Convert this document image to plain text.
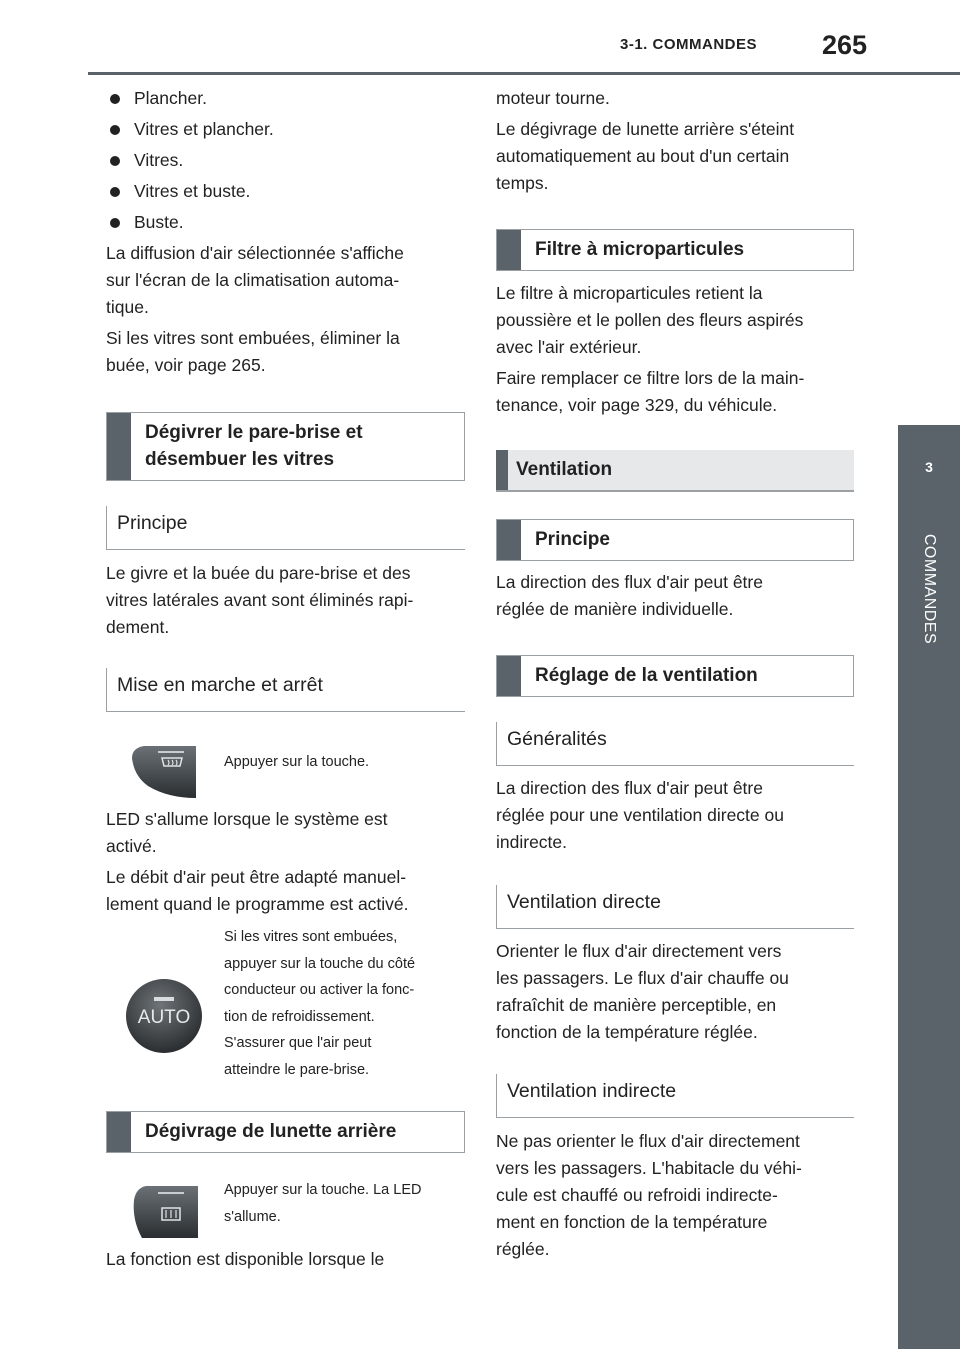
3-1. COMMANDES 265
3
COMMANDES
Plancher.
Vitres et plancher.
Vitres.
Vitres et buste.
Buste.
La diffusion d'air sélectionnée s'affiche
sur l'écran de la climatisation automa-
tique.
Si les vitres sont embuées, éliminer la
buée, voir page 265.
Dégivrer le pare-brise et
désembuer les vitres
Principe
Le givre et la buée du pare-brise et des
vitres latérales avant sont éliminés rapi-
dement.
Mise en marche et arrêt
Appuyer sur la touche.
LED s'allume lorsque le système est
activé.
Le débit d'air peut être adapté manuel-
lement quand le programme est activé.
AUTO
Si les vitres sont embuées,
appuyer sur la touche du côté
conducteur ou activer la fonc-
tion de refroidissement.
S'assurer que l'air peut
atteindre le pare-brise.
Dégivrage de lunette arrière
Appuyer sur la touche. La LED
s'allume.
La fonction est disponible lorsque le
moteur tourne.
Le dégivrage de lunette arrière s'éteint
automatiquement au bout d'un certain
temps.
Filtre à microparticules
Le filtre à microparticules retient la
poussière et le pollen des fleurs aspirés
avec l'air extérieur.
Faire remplacer ce filtre lors de la main-
tenance, voir page 329, du véhicule.
Ventilation
Principe
La direction des flux d'air peut être
réglée de manière individuelle.
Réglage de la ventilation
Généralités
La direction des flux d'air peut être
réglée pour une ventilation directe ou
indirecte.
Ventilation directe
Orienter le flux d'air directement vers
les passagers. Le flux d'air chauffe ou
rafraîchit de manière perceptible, en
fonction de la température réglée.
Ventilation indirecte
Ne pas orienter le flux d'air directement
vers les passagers. L'habitacle du véhi-
cule est chauffé ou refroidi indirecte-
ment en fonction de la température
réglée.
